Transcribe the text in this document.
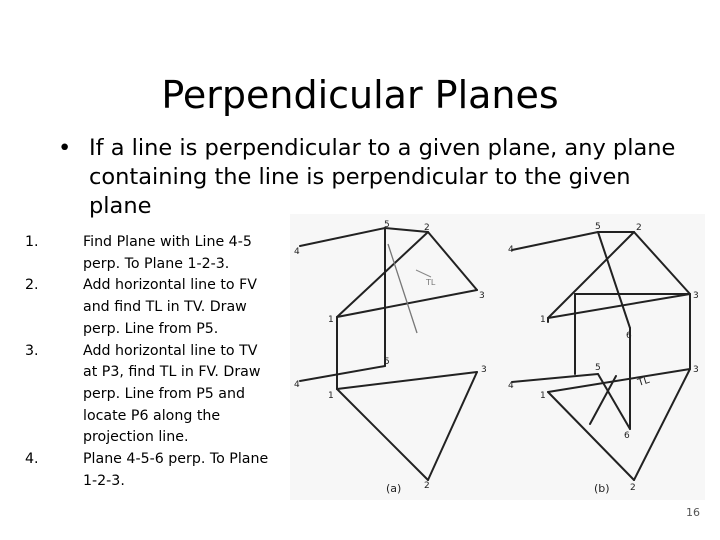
Perpendicular Planes
• If a line is perpendicular to a given plane, any plane containing the line is perpendicular to the given plane
1.	Find Plane with Line 4-5 perp. To Plane 1-2-3.
2.	Add horizontal line to FV and find TL in TV. Draw perp. Line from P5.
3.	Add horizontal line to TV at P3, find TL in FV. Draw perp. Line from P5 and locate P6 along the projection line.
4.	Plane 4-5-6 perp. To Plane 1-2-3.
4
5	2
3
1
TL
5
4
1
3
2
(a)
4
5	2
3
1
6
5
4
1
3
6
2
TL
(b)
16
